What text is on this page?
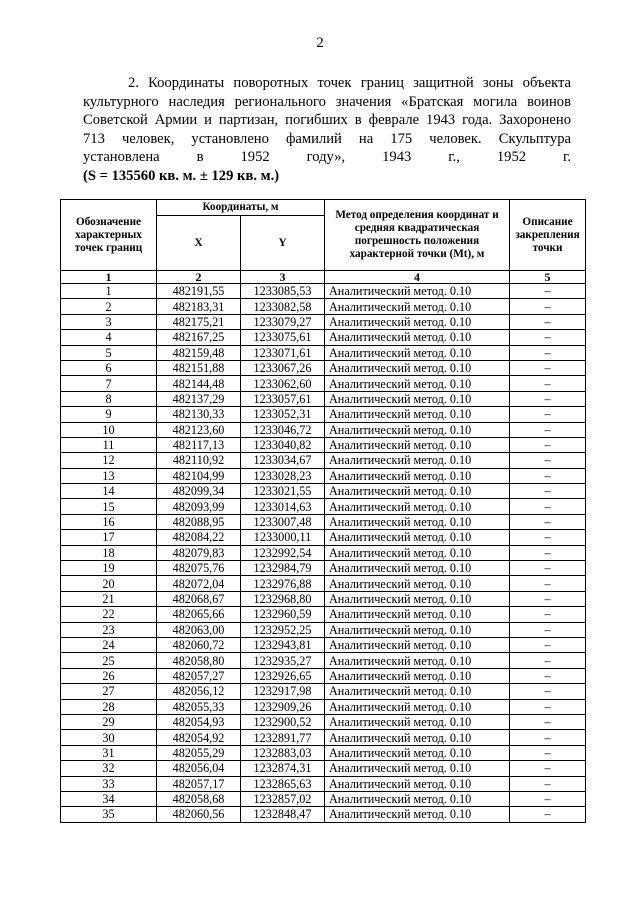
2

2. Координаты поворотных точек границ защитной зоны объекта

культурного наследия регионального значения «Братская могила воинов

Советской Армии и партизан, погибших в феврале 1943 года. Захоронено

713 человек, установлено фамилий на 175 человек. Скульптура

установлена в 1952 году», 1943 г., 1952 г.

(S = 135560 кв. м. ± 129 кв. м.)

Обозначение характерных точек границ	Координаты, м		Метод определения координат и средняя квадратическая погрешность положения характерной точки (Mt), м	Описание закрепления точки
	X	Y		
1	2	3	4	5
1	482191,55	1233085,53	Аналитический метод. 0.10	–
2	482183,31	1233082,58	Аналитический метод. 0.10	–
3	482175,21	1233079,27	Аналитический метод. 0.10	–
4	482167,25	1233075,61	Аналитический метод. 0.10	–
5	482159,48	1233071,61	Аналитический метод. 0.10	–
6	482151,88	1233067,26	Аналитический метод. 0.10	–
7	482144,48	1233062,60	Аналитический метод. 0.10	–
8	482137,29	1233057,61	Аналитический метод. 0.10	–
9	482130,33	1233052,31	Аналитический метод. 0.10	–
10	482123,60	1233046,72	Аналитический метод. 0.10	–
11	482117,13	1233040,82	Аналитический метод. 0.10	–
12	482110,92	1233034,67	Аналитический метод. 0.10	–
13	482104,99	1233028,23	Аналитический метод. 0.10	–
14	482099,34	1233021,55	Аналитический метод. 0.10	–
15	482093,99	1233014,63	Аналитический метод. 0.10	–
16	482088,95	1233007,48	Аналитический метод. 0.10	–
17	482084,22	1233000,11	Аналитический метод. 0.10	–
18	482079,83	1232992,54	Аналитический метод. 0.10	–
19	482075,76	1232984,79	Аналитический метод. 0.10	–
20	482072,04	1232976,88	Аналитический метод. 0.10	–
21	482068,67	1232968,80	Аналитический метод. 0.10	–
22	482065,66	1232960,59	Аналитический метод. 0.10	–
23	482063,00	1232952,25	Аналитический метод. 0.10	–
24	482060,72	1232943,81	Аналитический метод. 0.10	–
25	482058,80	1232935,27	Аналитический метод. 0.10	–
26	482057,27	1232926,65	Аналитический метод. 0.10	–
27	482056,12	1232917,98	Аналитический метод. 0.10	–
28	482055,33	1232909,26	Аналитический метод. 0.10	–
29	482054,93	1232900,52	Аналитический метод. 0.10	–
30	482054,92	1232891,77	Аналитический метод. 0.10	–
31	482055,29	1232883,03	Аналитический метод. 0.10	–
32	482056,04	1232874,31	Аналитический метод. 0.10	–
33	482057,17	1232865,63	Аналитический метод. 0.10	–
34	482058,68	1232857,02	Аналитический метод. 0.10	–
35	482060,56	1232848,47	Аналитический метод. 0.10	–
